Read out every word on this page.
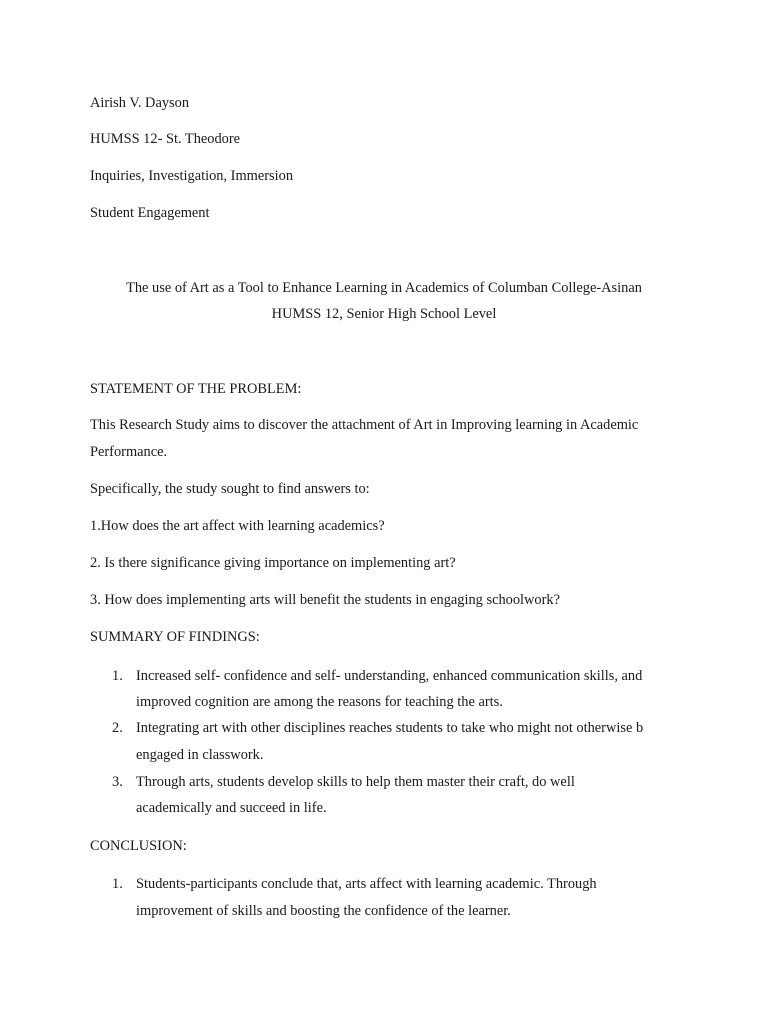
Airish V. Dayson
HUMSS 12- St. Theodore
Inquiries, Investigation, Immersion
Student Engagement
The use of Art as a Tool to Enhance Learning in Academics of Columban College-Asinan
HUMSS 12, Senior High School Level
STATEMENT OF THE PROBLEM:
This Research Study aims to discover the attachment of Art in Improving learning in Academic
Performance.
Specifically, the study sought to find answers to:
1.How does the art affect with learning academics?
2. Is there significance giving importance on implementing art?
3. How does implementing arts will benefit the students in engaging schoolwork?
SUMMARY OF FINDINGS:
1. Increased self- confidence and self- understanding, enhanced communication skills, and
improved cognition are among the reasons for teaching the arts.
2. Integrating art with other disciplines reaches students to take who might not otherwise b
engaged in classwork.
3. Through arts, students develop skills to help them master their craft, do well
academically and succeed in life.
CONCLUSION:
1. Students-participants conclude that, arts affect with learning academic. Through
improvement of skills and boosting the confidence of the learner.
